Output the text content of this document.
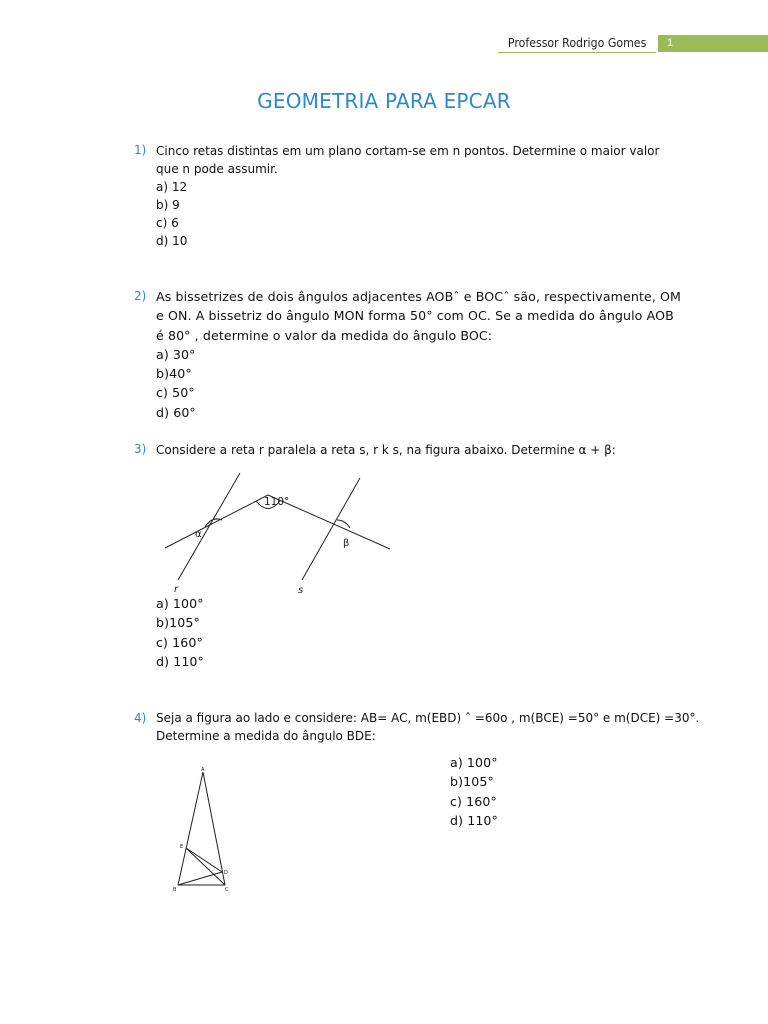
Professor Rodrigo Gomes	1
GEOMETRIA PARA EPCAR
1) Cinco retas distintas em um plano cortam-se em n pontos. Determine o maior valor
que n pode assumir.
a) 12
b) 9
c) 6
d) 10
2) As bissetrizes de dois ângulos adjacentes AOBˆ e BOCˆ são, respectivamente, OM
e ON. A bissetriz do ângulo MON forma 50° com OC. Se a medida do ângulo AOB
é 80° , determine o valor da medida do ângulo BOC:
a) 30°
b)40°
c) 50°
d) 60°
3) Considere a reta r paralela a reta s, r k s, na figura abaixo. Determine α + β:
110°
α
β
r	s
a) 100°
b)105°
c) 160°
d) 110°
4) Seja a figura ao lado e considere: AB= AC, m(EBD) ˆ =60o , m(BCE) =50° e m(DCE) =30°.
Determine a medida do ângulo BDE:
A
B	C
D
E
a) 100°
b)105°
c) 160°
d) 110°
